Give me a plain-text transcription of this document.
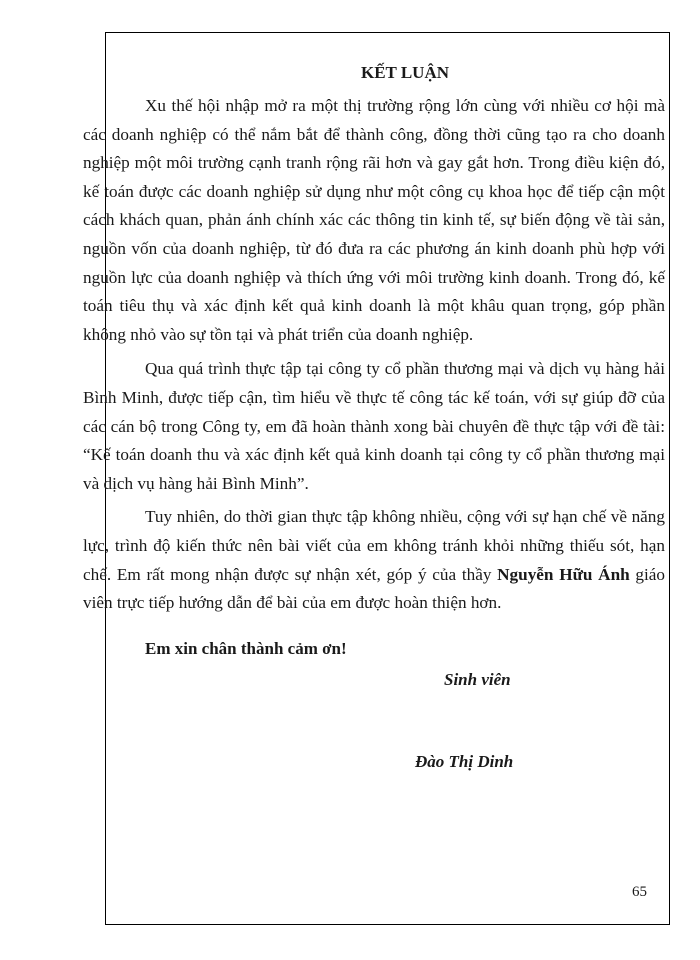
KẾT LUẬN

Xu thế hội nhập mở ra một thị trường rộng lớn cùng với nhiều cơ hội mà các doanh nghiệp có thể nắm bắt để thành công, đồng thời cũng tạo ra cho doanh nghiệp một môi trường cạnh tranh rộng rãi hơn và gay gắt hơn. Trong điều kiện đó, kế toán được các doanh nghiệp sử dụng như một công cụ khoa học để tiếp cận một cách khách quan, phản ánh chính xác các thông tin kinh tế, sự biến động về tài sản, nguồn vốn của doanh nghiệp, từ đó đưa ra các phương án kinh doanh phù hợp với nguồn lực của doanh nghiệp và thích ứng với môi trường kinh doanh. Trong đó, kế toán tiêu thụ và xác định kết quả kinh doanh là một khâu quan trọng, góp phần không nhỏ vào sự tồn tại và phát triển của doanh nghiệp.

Qua quá trình thực tập tại công ty cổ phần thương mại và dịch vụ hàng hải Bình Minh, được tiếp cận, tìm hiểu về thực tế công tác kế toán, với sự giúp đỡ của các cán bộ trong Công ty, em đã hoàn thành xong bài chuyên đề thực tập với đề tài: “Kế toán doanh thu và xác định kết quả kinh doanh tại công ty cổ phần thương mại và dịch vụ hàng hải Bình Minh”.

Tuy nhiên, do thời gian thực tập không nhiều, cộng với sự hạn chế về năng lực, trình độ kiến thức nên bài viết của em không tránh khỏi những thiếu sót, hạn chế. Em rất mong nhận được sự nhận xét, góp ý của thầy Nguyễn Hữu Ánh giáo viên trực tiếp hướng dẫn để bài của em được hoàn thiện hơn.

Em xin chân thành cảm ơn!
Sinh viên
Đào Thị Dinh
65
